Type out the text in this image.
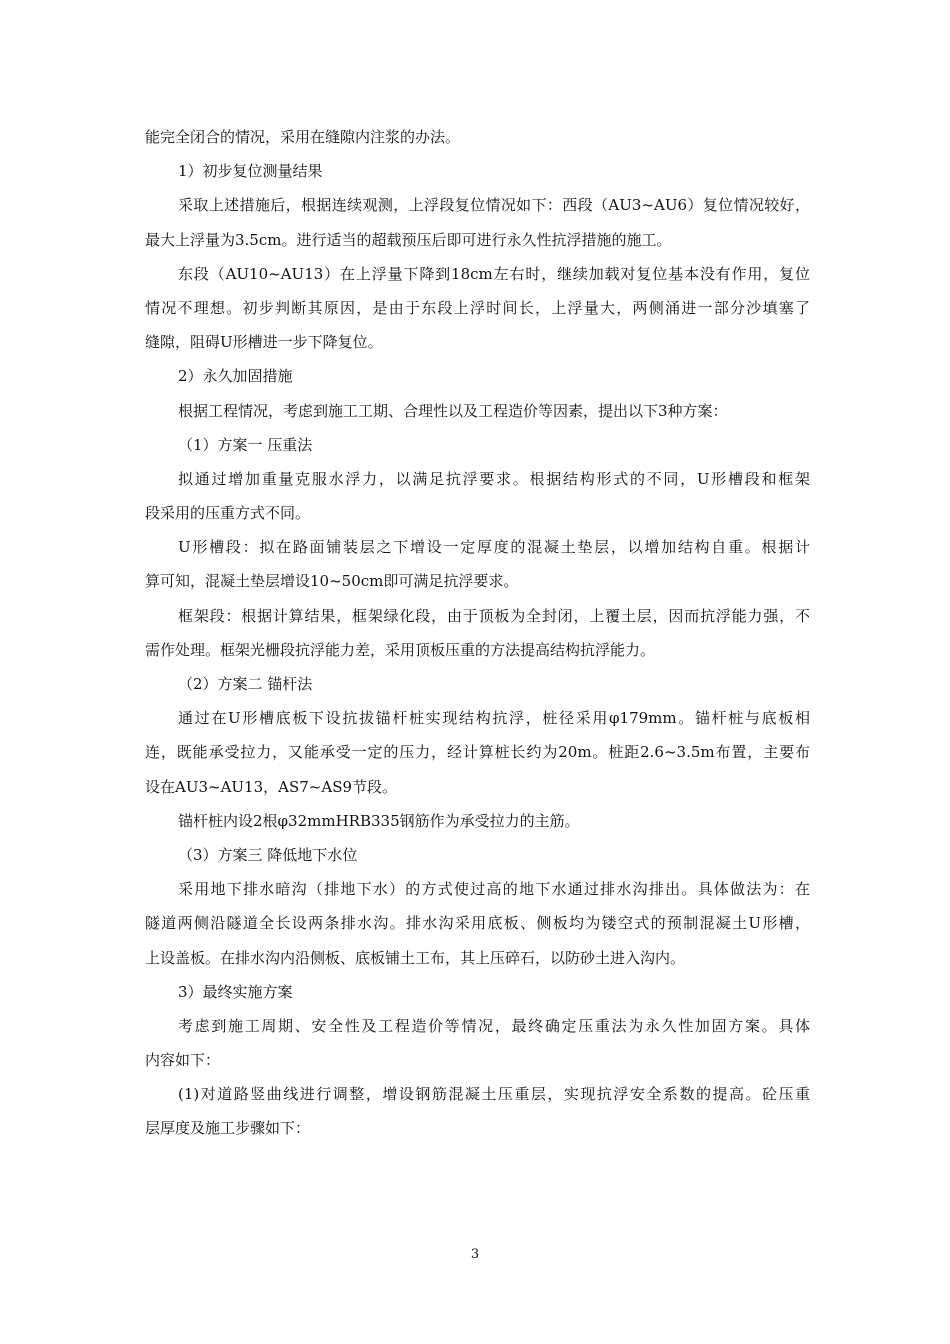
能完全闭合的情况，采用在缝隙内注浆的办法。
1）初步复位测量结果
采取上述措施后，根据连续观测，上浮段复位情况如下：西段（AU3~AU6）复位情况较好，
最大上浮量为3.5cm。进行适当的超载预压后即可进行永久性抗浮措施的施工。
东段（AU10~AU13）在上浮量下降到18cm左右时，继续加载对复位基本没有作用，复位
情况不理想。初步判断其原因，是由于东段上浮时间长，上浮量大，两侧涌进一部分沙填塞了
缝隙，阻碍U形槽进一步下降复位。
2）永久加固措施
根据工程情况，考虑到施工工期、合理性以及工程造价等因素，提出以下3种方案：
（1）方案一 压重法
拟通过增加重量克服水浮力，以满足抗浮要求。根据结构形式的不同，U形槽段和框架
段采用的压重方式不同。
U形槽段：拟在路面铺装层之下增设一定厚度的混凝土垫层，以增加结构自重。根据计
算可知，混凝土垫层增设10~50cm即可满足抗浮要求。
框架段：根据计算结果，框架绿化段，由于顶板为全封闭，上覆土层，因而抗浮能力强，不
需作处理。框架光栅段抗浮能力差，采用顶板压重的方法提高结构抗浮能力。
（2）方案二 锚杆法
通过在U形槽底板下设抗拔锚杆桩实现结构抗浮，桩径采用φ179mm。锚杆桩与底板相
连，既能承受拉力，又能承受一定的压力，经计算桩长约为20m。桩距2.6~3.5m布置，主要布
设在AU3~AU13，AS7~AS9节段。
锚杆桩内设2根φ32mmHRB335钢筋作为承受拉力的主筋。
（3）方案三 降低地下水位
采用地下排水暗沟（排地下水）的方式使过高的地下水通过排水沟排出。具体做法为：在
隧道两侧沿隧道全长设两条排水沟。排水沟采用底板、侧板均为镂空式的预制混凝土U形槽，
上设盖板。在排水沟内沿侧板、底板铺土工布，其上压碎石，以防砂土进入沟内。
3）最终实施方案
考虑到施工周期、安全性及工程造价等情况，最终确定压重法为永久性加固方案。具体
内容如下：
(1)对道路竖曲线进行调整，增设钢筋混凝土压重层，实现抗浮安全系数的提高。砼压重
层厚度及施工步骤如下：
3
